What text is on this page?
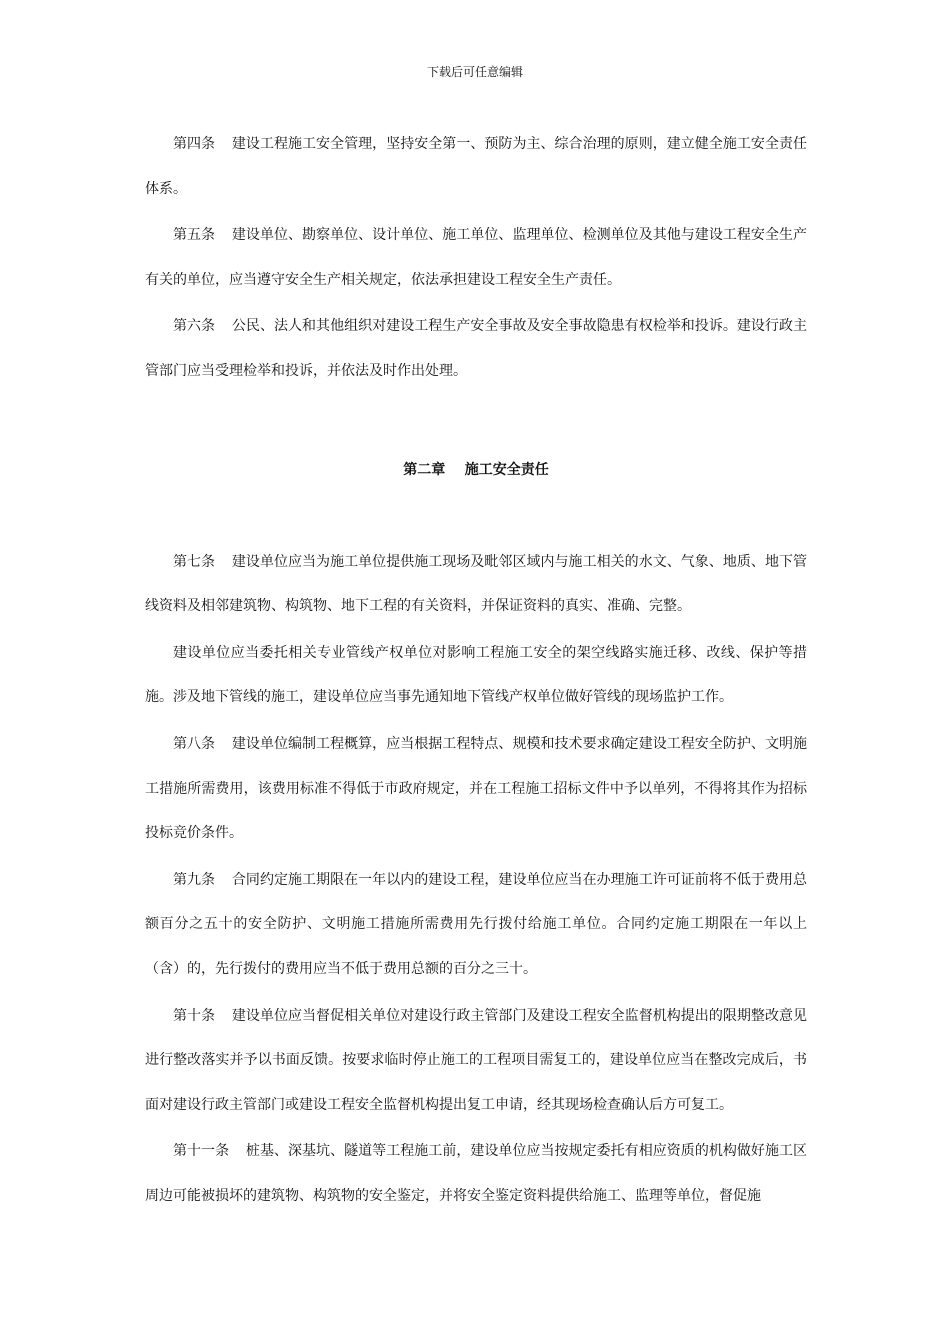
下载后可任意编辑

第四条 建设工程施工安全管理，坚持安全第一、预防为主、综合治理的原则，建立健全施工安全责任体系。

第五条 建设单位、勘察单位、设计单位、施工单位、监理单位、检测单位及其他与建设工程安全生产有关的单位，应当遵守安全生产相关规定，依法承担建设工程安全生产责任。

第六条 公民、法人和其他组织对建设工程生产安全事故及安全事故隐患有权检举和投诉。建设行政主管部门应当受理检举和投诉，并依法及时作出处理。

第二章 施工安全责任

第七条 建设单位应当为施工单位提供施工现场及毗邻区域内与施工相关的水文、气象、地质、地下管线资料及相邻建筑物、构筑物、地下工程的有关资料，并保证资料的真实、准确、完整。

建设单位应当委托相关专业管线产权单位对影响工程施工安全的架空线路实施迁移、改线、保护等措施。涉及地下管线的施工，建设单位应当事先通知地下管线产权单位做好管线的现场监护工作。

第八条 建设单位编制工程概算，应当根据工程特点、规模和技术要求确定建设工程安全防护、文明施工措施所需费用，该费用标准不得低于市政府规定，并在工程施工招标文件中予以单列，不得将其作为招标投标竞价条件。

第九条 合同约定施工期限在一年以内的建设工程，建设单位应当在办理施工许可证前将不低于费用总额百分之五十的安全防护、文明施工措施所需费用先行拨付给施工单位。合同约定施工期限在一年以上（含）的，先行拨付的费用应当不低于费用总额的百分之三十。

第十条 建设单位应当督促相关单位对建设行政主管部门及建设工程安全监督机构提出的限期整改意见进行整改落实并予以书面反馈。按要求临时停止施工的工程项目需复工的，建设单位应当在整改完成后，书面对建设行政主管部门或建设工程安全监督机构提出复工申请，经其现场检查确认后方可复工。

第十一条 桩基、深基坑、隧道等工程施工前，建设单位应当按规定委托有相应资质的机构做好施工区周边可能被损坏的建筑物、构筑物的安全鉴定，并将安全鉴定资料提供给施工、监理等单位，督促施
